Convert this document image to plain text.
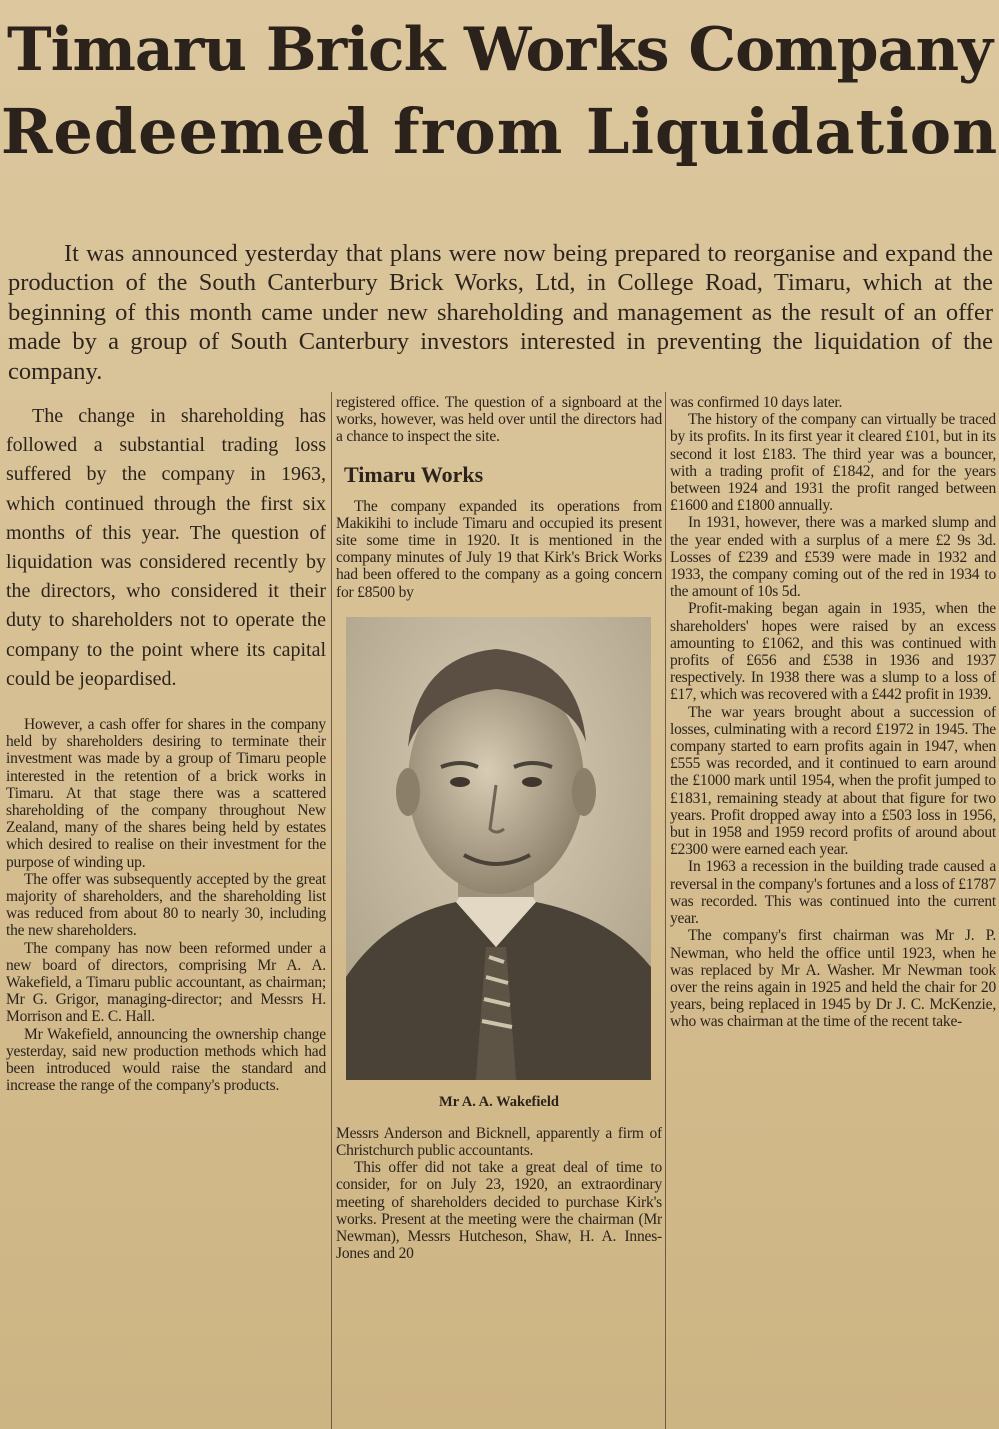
Timaru Brick Works Company
Redeemed from Liquidation

It was announced yesterday that plans were now being prepared to reorganise and expand the production of the South Canterbury Brick Works, Ltd, in College Road, Timaru, which at the beginning of this month came under new shareholding and management as the result of an offer made by a group of South Canterbury investors interested in preventing the liquidation of the company.

The change in shareholding has followed a substantial trading loss suffered by the company in 1963, which continued through the first six months of this year. The question of liquidation was considered recently by the directors, who considered it their duty to shareholders not to operate the company to the point where its capital could be jeopardised.

However, a cash offer for shares in the company held by shareholders desiring to terminate their investment was made by a group of Timaru people interested in the retention of a brick works in Timaru. At that stage there was a scattered shareholding of the company throughout New Zealand, many of the shares being held by estates which desired to realise on their investment for the purpose of winding up.

The offer was subsequently accepted by the great majority of shareholders, and the shareholding list was reduced from about 80 to nearly 30, including the new shareholders.

The company has now been reformed under a new board of directors, comprising Mr A. A. Wakefield, a Timaru public accountant, as chairman; Mr G. Grigor, managing-director; and Messrs H. Morrison and E. C. Hall.

Mr Wakefield, announcing the ownership change yesterday, said new production methods which had been introduced would raise the standard and increase the range of the company's products.

registered office. The question of a signboard at the works, however, was held over until the directors had a chance to inspect the site.

Timaru Works

The company expanded its operations from Makikihi to include Timaru and occupied its present site some time in 1920. It is mentioned in the company minutes of July 19 that Kirk's Brick Works had been offered to the company as a going concern for £8500 by

Mr A. A. Wakefield

Messrs Anderson and Bicknell, apparently a firm of Christchurch public accountants.

This offer did not take a great deal of time to consider, for on July 23, 1920, an extraordinary meeting of shareholders decided to purchase Kirk's works. Present at the meeting were the chairman (Mr Newman), Messrs Hutcheson, Shaw, H. A. Innes-Jones and 20

was confirmed 10 days later.

The history of the company can virtually be traced by its profits. In its first year it cleared £101, but in its second it lost £183. The third year was a bouncer, with a trading profit of £1842, and for the years between 1924 and 1931 the profit ranged between £1600 and £1800 annually.

In 1931, however, there was a marked slump and the year ended with a surplus of a mere £2 9s 3d. Losses of £239 and £539 were made in 1932 and 1933, the company coming out of the red in 1934 to the amount of 10s 5d.

Profit-making began again in 1935, when the shareholders' hopes were raised by an excess amounting to £1062, and this was continued with profits of £656 and £538 in 1936 and 1937 respectively. In 1938 there was a slump to a loss of £17, which was recovered with a £442 profit in 1939.

The war years brought about a succession of losses, culminating with a record £1972 in 1945. The company started to earn profits again in 1947, when £555 was recorded, and it continued to earn around the £1000 mark until 1954, when the profit jumped to £1831, remaining steady at about that figure for two years. Profit dropped away into a £503 loss in 1956, but in 1958 and 1959 record profits of around about £2300 were earned each year.

In 1963 a recession in the building trade caused a reversal in the company's fortunes and a loss of £1787 was recorded. This was continued into the current year.

The company's first chairman was Mr J. P. Newman, who held the office until 1923, when he was replaced by Mr A. Washer. Mr Newman took over the reins again in 1925 and held the chair for 20 years, being replaced in 1945 by Dr J. C. McKenzie, who was chairman at the time of the recent take-
